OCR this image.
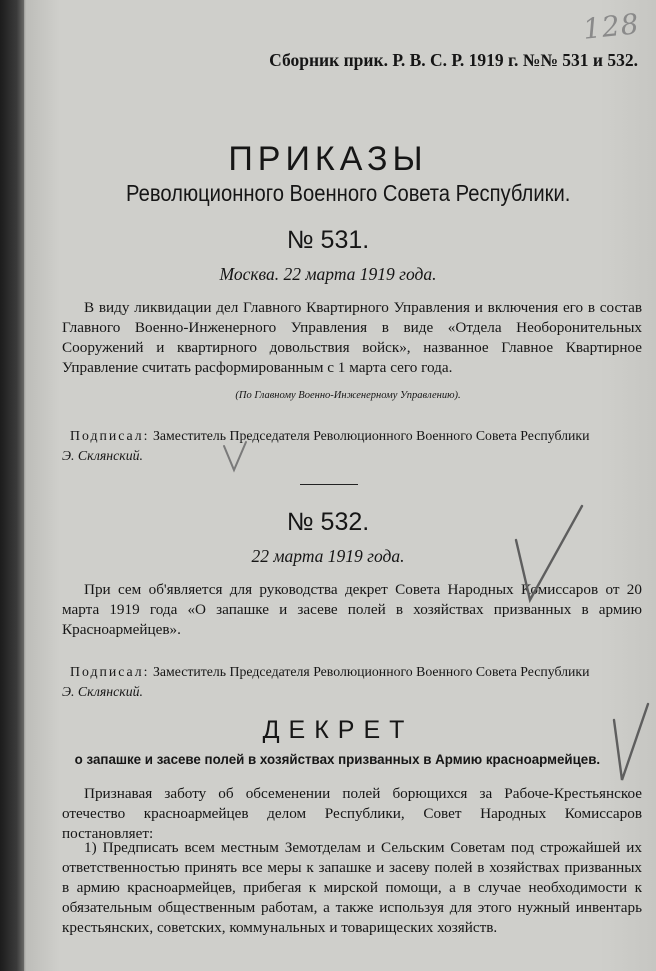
128
Сборник прик. Р. В. С. Р. 1919 г. №№ 531 и 532.
ПРИКАЗЫ
Революционного Военного Совета Республики.
№ 531.
Москва. 22 марта 1919 года.
В виду ликвидации дел Главного Квартирного Управления и включения его в состав Главного Военно-Инженерного Управления в виде «Отдела Необоронительных Сооружений и квартирного довольствия войск», названное Главное Квартирное Управление считать расформированным с 1 марта сего года.
(По Главному Военно-Инженерному Управлению).
Подписал: Заместитель Председателя Революционного Военного Совета Республики
Э. Склянский.
№ 532.
22 марта 1919 года.
При сем об'является для руководства декрет Совета Народных Комиссаров от 20 марта 1919 года «О запашке и засеве полей в хозяйствах призванных в армию Красноармейцев».
Подписал: Заместитель Председателя Революционного Военного Совета Республики
Э. Склянский.
ДЕКРЕТ
о запашке и засеве полей в хозяйствах призванных в Армию красноармейцев.
Признавая заботу об обсеменении полей борющихся за Рабоче-Крестьянское отечество красноармейцев делом Республики, Совет Народных Комиссаров постановляет:
1) Предписать всем местным Земотделам и Сельским Советам под строжайшей их ответственностью принять все меры к запашке и засеву полей в хозяйствах призванных в армию красноармейцев, прибегая к мирской помощи, а в случае необходимости к обязательным общественным работам, а также используя для этого нужный инвентарь крестьянских, советских, коммунальных и товарищеских хозяйств.
